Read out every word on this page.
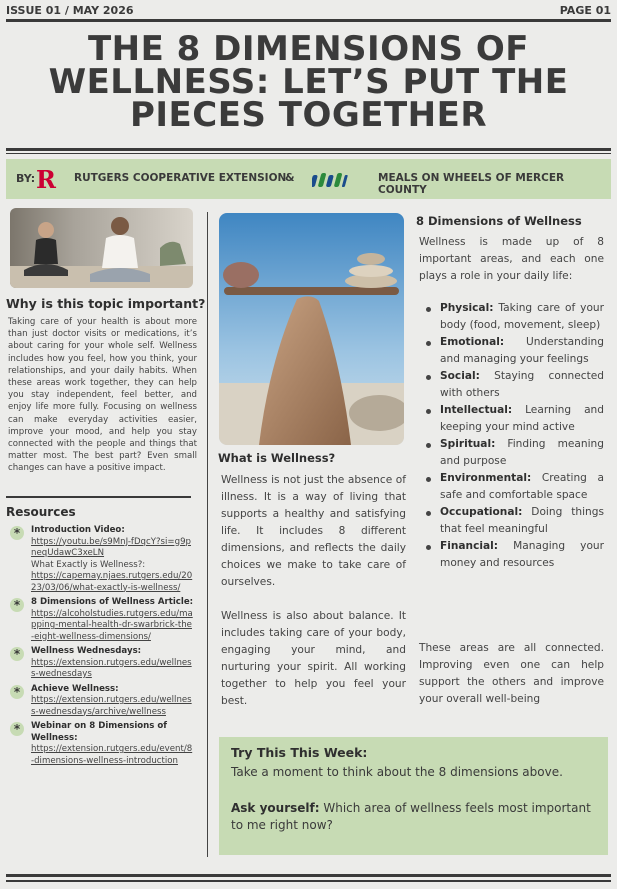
ISSUE 01 / MAY 2026	PAGE 01
THE 8 DIMENSIONS OF WELLNESS: LET’S PUT THE PIECES TOGETHER
BY: R RUTGERS COOPERATIVE EXTENSION
&	MEALS ON WHEELS OF MERCER COUNTY
Why is this topic important?
Taking care of your health is about more than just doctor visits or medications, it’s about caring for your whole self. Wellness includes how you feel, how you think, your relationships, and your daily habits. When these areas work together, they can help you stay independent, feel better, and enjoy life more fully. Focusing on wellness can make everyday activities easier, improve your mood, and help you stay connected with the people and things that matter most. The best part? Even small changes can have a positive impact.
Resources
*	Introduction Video:
https://youtu.be/s9MnJ-fDqcY?si=g9pneqUdawC3xeLN
What Exactly is Wellness?:
https://capemay.njaes.rutgers.edu/2023/03/06/what-exactly-is-wellness/
*	8 Dimensions of Wellness Article:
https://alcoholstudies.rutgers.edu/mapping-mental-health-dr-swarbrick-the-eight-wellness-dimensions/
*	Wellness Wednesdays:
https://extension.rutgers.edu/wellness-wednesdays
*	Achieve Wellness:
https://extension.rutgers.edu/wellness-wednesdays/archive/wellness
*	Webinar on 8 Dimensions of Wellness:
https://extension.rutgers.edu/event/8-dimensions-wellness-introduction
What is Wellness?

Wellness is not just the absence of illness. It is a way of living that supports a healthy and satisfying life. It includes 8 different dimensions, and reflects the daily choices we make to take care of ourselves.

Wellness is also about balance. It includes taking care of your body, engaging your mind, and nurturing your spirit. All working together to help you feel your best.

8 Dimensions of Wellness
Wellness is made up of 8 important areas, and each one plays a role in your daily life:
Physical: Taking care of your body (food, movement, sleep)
Emotional: Understanding and managing your feelings
Social: Staying connected with others
Intellectual: Learning and keeping your mind active
Spiritual: Finding meaning and purpose
Environmental: Creating a safe and comfortable space
Occupational: Doing things that feel meaningful
Financial: Managing your money and resources
These areas are all connected. Improving even one can help support the others and improve your overall well-being
Try This This Week:
Take a moment to think about the 8 dimensions above.
Ask yourself: Which area of wellness feels most important to me right now?
